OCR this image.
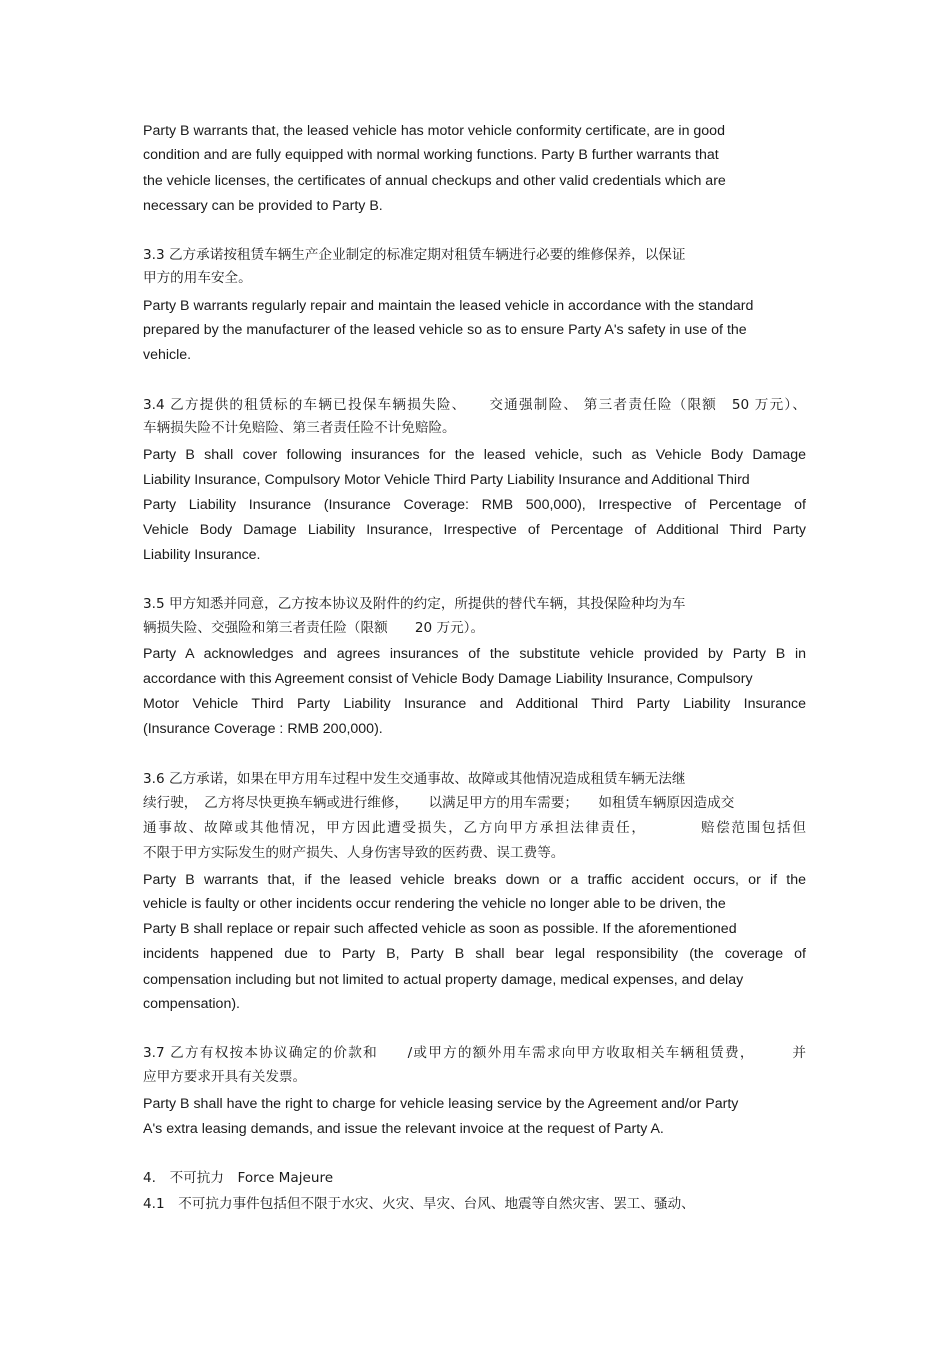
Party B warrants that, the leased vehicle has motor vehicle conformity certificate, are in good
condition and are fully equipped with normal working functions. Party B further warrants that
the vehicle licenses, the certificates of annual checkups and other valid credentials which are
necessary can be provided to Party B.
3.3 乙方承诺按租赁车辆生产企业制定的标准定期对租赁车辆进行必要的维修保养，以保证
甲方的用车安全。
Party B warrants regularly repair and maintain the leased vehicle in accordance with the standard
prepared by the manufacturer of the leased vehicle so as to ensure Party A's safety in use of the
vehicle.
3.4 乙方提供的租赁标的车辆已投保车辆损失险、　　交通强制险、 第三者责任险（限额　50 万元）、
车辆损失险不计免赔险、第三者责任险不计免赔险。
Party B shall cover following insurances for the leased vehicle, such as Vehicle Body Damage
Liability Insurance, Compulsory Motor Vehicle Third Party Liability Insurance and Additional Third
Party Liability Insurance (Insurance Coverage: RMB 500,000), Irrespective of Percentage of
Vehicle Body Damage Liability Insurance, Irrespective of Percentage of Additional Third Party
Liability Insurance.
3.5 甲方知悉并同意，乙方按本协议及附件的约定，所提供的替代车辆，其投保险种均为车
辆损失险、交强险和第三者责任险（限额　　20 万元）。
Party A acknowledges and agrees insurances of the substitute vehicle provided by Party B in
accordance with this Agreement consist of Vehicle Body Damage Liability Insurance, Compulsory
Motor Vehicle Third Party Liability Insurance and Additional Third Party Liability Insurance
(Insurance Coverage : RMB 200,000).
3.6 乙方承诺，如果在甲方用车过程中发生交通事故、故障或其他情况造成租赁车辆无法继
续行驶，　乙方将尽快更换车辆或进行维修，　　以满足甲方的用车需要；　　如租赁车辆原因造成交
通事故、故障或其他情况，甲方因此遭受损失，乙方向甲方承担法律责任，　　　　赔偿范围包括但
不限于甲方实际发生的财产损失、人身伤害导致的医药费、误工费等。
Party B warrants that, if the leased vehicle breaks down or a traffic accident occurs, or if the
vehicle is faulty or other incidents occur rendering the vehicle no longer able to be driven, the
Party B shall replace or repair such affected vehicle as soon as possible. If the aforementioned
incidents happened due to Party B, Party B shall bear legal responsibility (the coverage of
compensation including but not limited to actual property damage, medical expenses, and delay
compensation).
3.7 乙方有权按本协议确定的价款和　　/或甲方的额外用车需求向甲方收取相关车辆租赁费，　　　并
应甲方要求开具有关发票。
Party B shall have the right to charge for vehicle leasing service by the Agreement and/or Party
A's extra leasing demands, and issue the relevant invoice at the request of Party A.
4.　不可抗力　Force Majeure
4.1　不可抗力事件包括但不限于水灾、火灾、旱灾、台风、地震等自然灾害、罢工、骚动、
